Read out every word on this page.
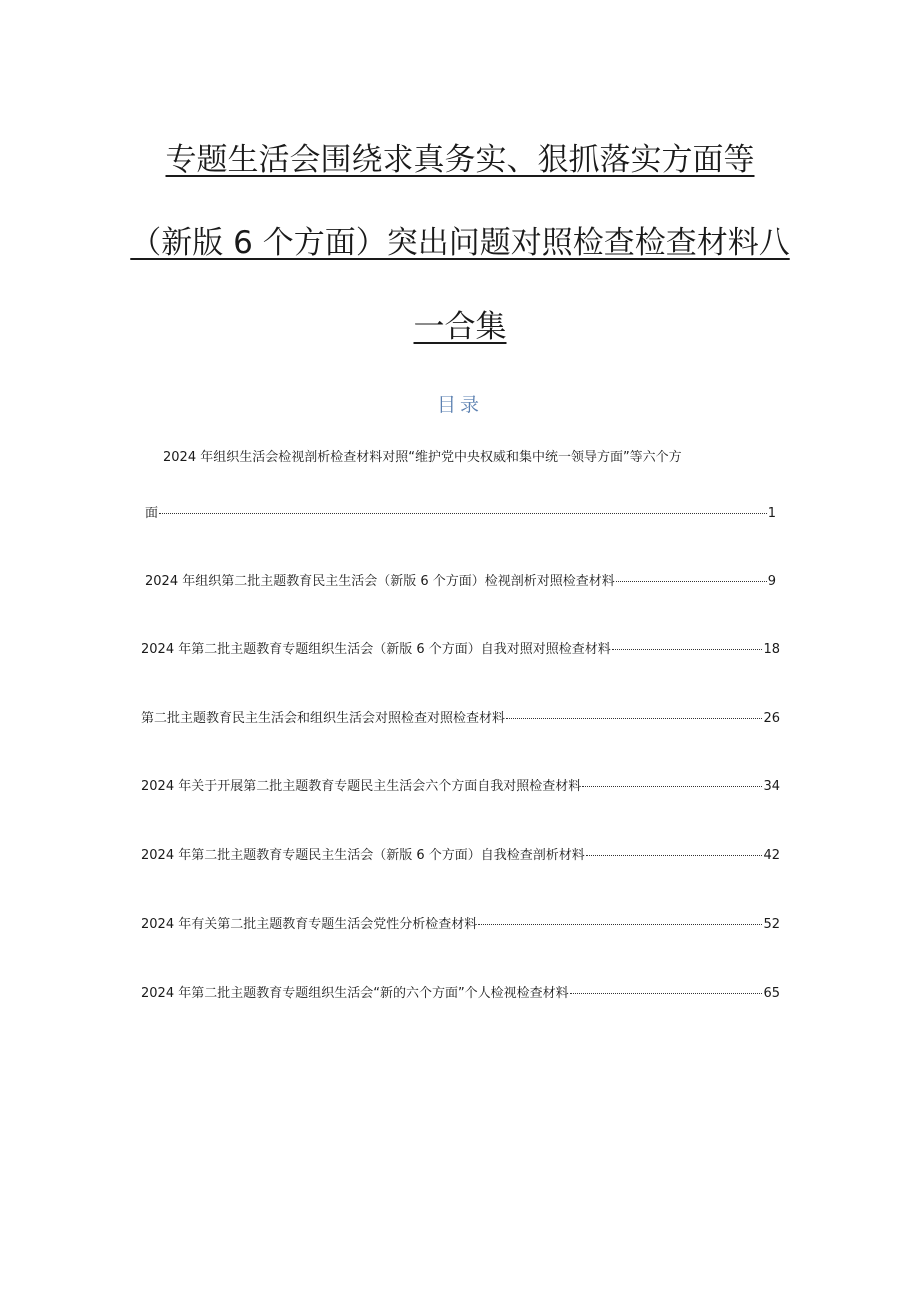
专题生活会围绕求真务实、狠抓落实方面等
（新版 6 个方面）突出问题对照检查检查材料八
一合集
目录
2024 年组织生活会检视剖析检查材料对照“维护党中央权威和集中统一领导方面”等六个方
面	1
2024 年组织第二批主题教育民主生活会（新版 6 个方面）检视剖析对照检查材料	9
2024 年第二批主题教育专题组织生活会（新版 6 个方面）自我对照对照检查材料	18
第二批主题教育民主生活会和组织生活会对照检查对照检查材料	26
2024 年关于开展第二批主题教育专题民主生活会六个方面自我对照检查材料	34
2024 年第二批主题教育专题民主生活会（新版 6 个方面）自我检查剖析材料	42
2024 年有关第二批主题教育专题生活会党性分析检查材料	52
2024 年第二批主题教育专题组织生活会“新的六个方面”个人检视检查材料	65
